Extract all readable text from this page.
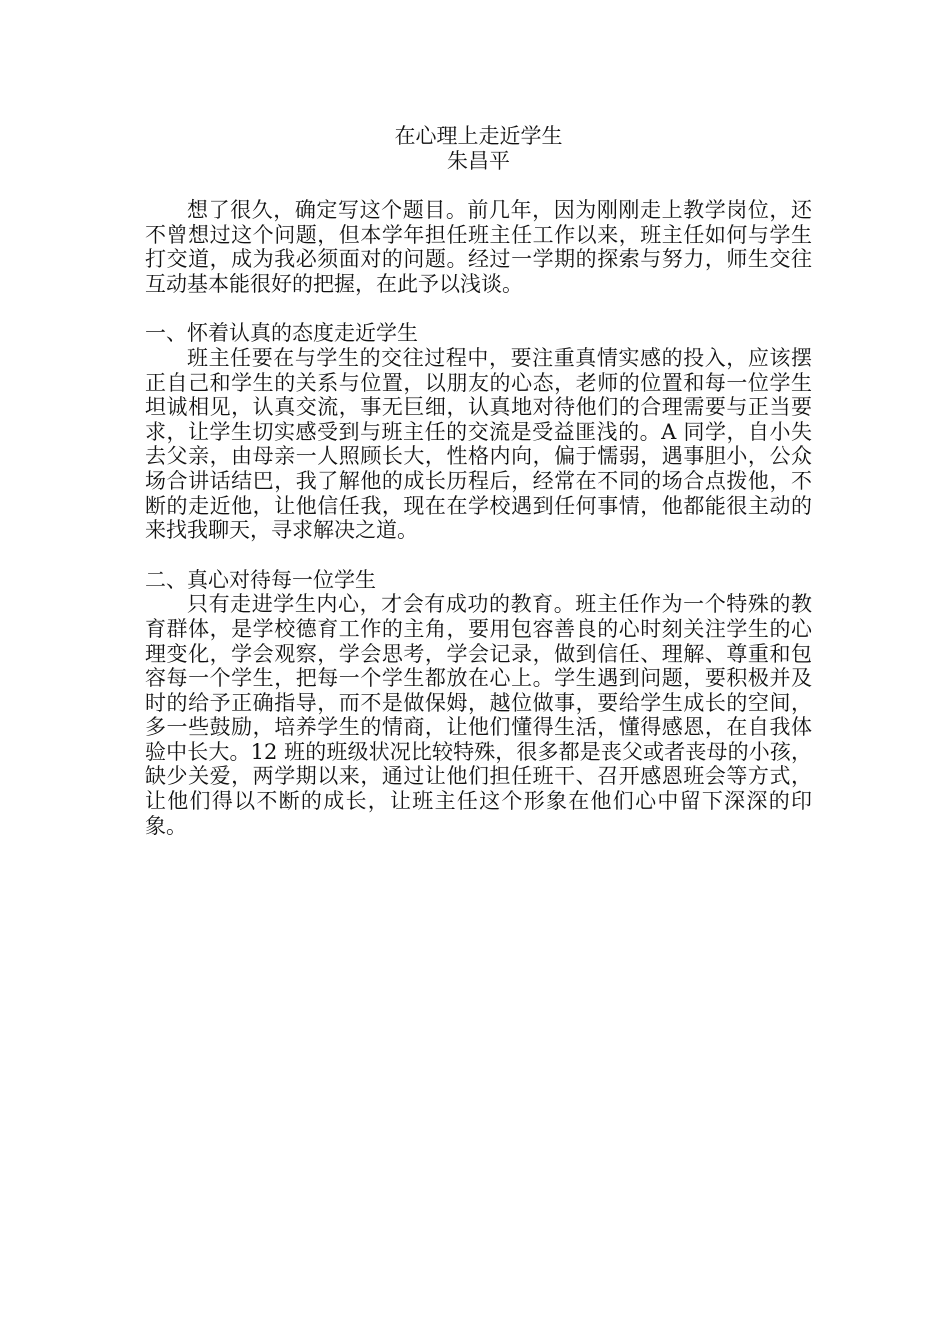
在心理上走近学生
朱昌平

想了很久，确定写这个题目。前几年，因为刚刚走上教学岗位，还不曾想过这个问题，但本学年担任班主任工作以来，班主任如何与学生打交道，成为我必须面对的问题。经过一学期的探索与努力，师生交往互动基本能很好的把握，在此予以浅谈。

一、怀着认真的态度走近学生

班主任要在与学生的交往过程中，要注重真情实感的投入，应该摆正自己和学生的关系与位置，以朋友的心态，老师的位置和每一位学生坦诚相见，认真交流，事无巨细，认真地对待他们的合理需要与正当要求，让学生切实感受到与班主任的交流是受益匪浅的。A 同学，自小失去父亲，由母亲一人照顾长大，性格内向，偏于懦弱，遇事胆小，公众场合讲话结巴，我了解他的成长历程后，经常在不同的场合点拨他，不断的走近他，让他信任我，现在在学校遇到任何事情，他都能很主动的来找我聊天，寻求解决之道。

二、真心对待每一位学生

只有走进学生内心，才会有成功的教育。班主任作为一个特殊的教育群体，是学校德育工作的主角，要用包容善良的心时刻关注学生的心理变化，学会观察，学会思考，学会记录，做到信任、理解、尊重和包容每一个学生，把每一个学生都放在心上。学生遇到问题，要积极并及时的给予正确指导，而不是做保姆，越位做事，要给学生成长的空间，多一些鼓励，培养学生的情商，让他们懂得生活，懂得感恩，在自我体验中长大。12 班的班级状况比较特殊，很多都是丧父或者丧母的小孩，缺少关爱，两学期以来，通过让他们担任班干、召开感恩班会等方式，让他们得以不断的成长，让班主任这个形象在他们心中留下深深的印象。
